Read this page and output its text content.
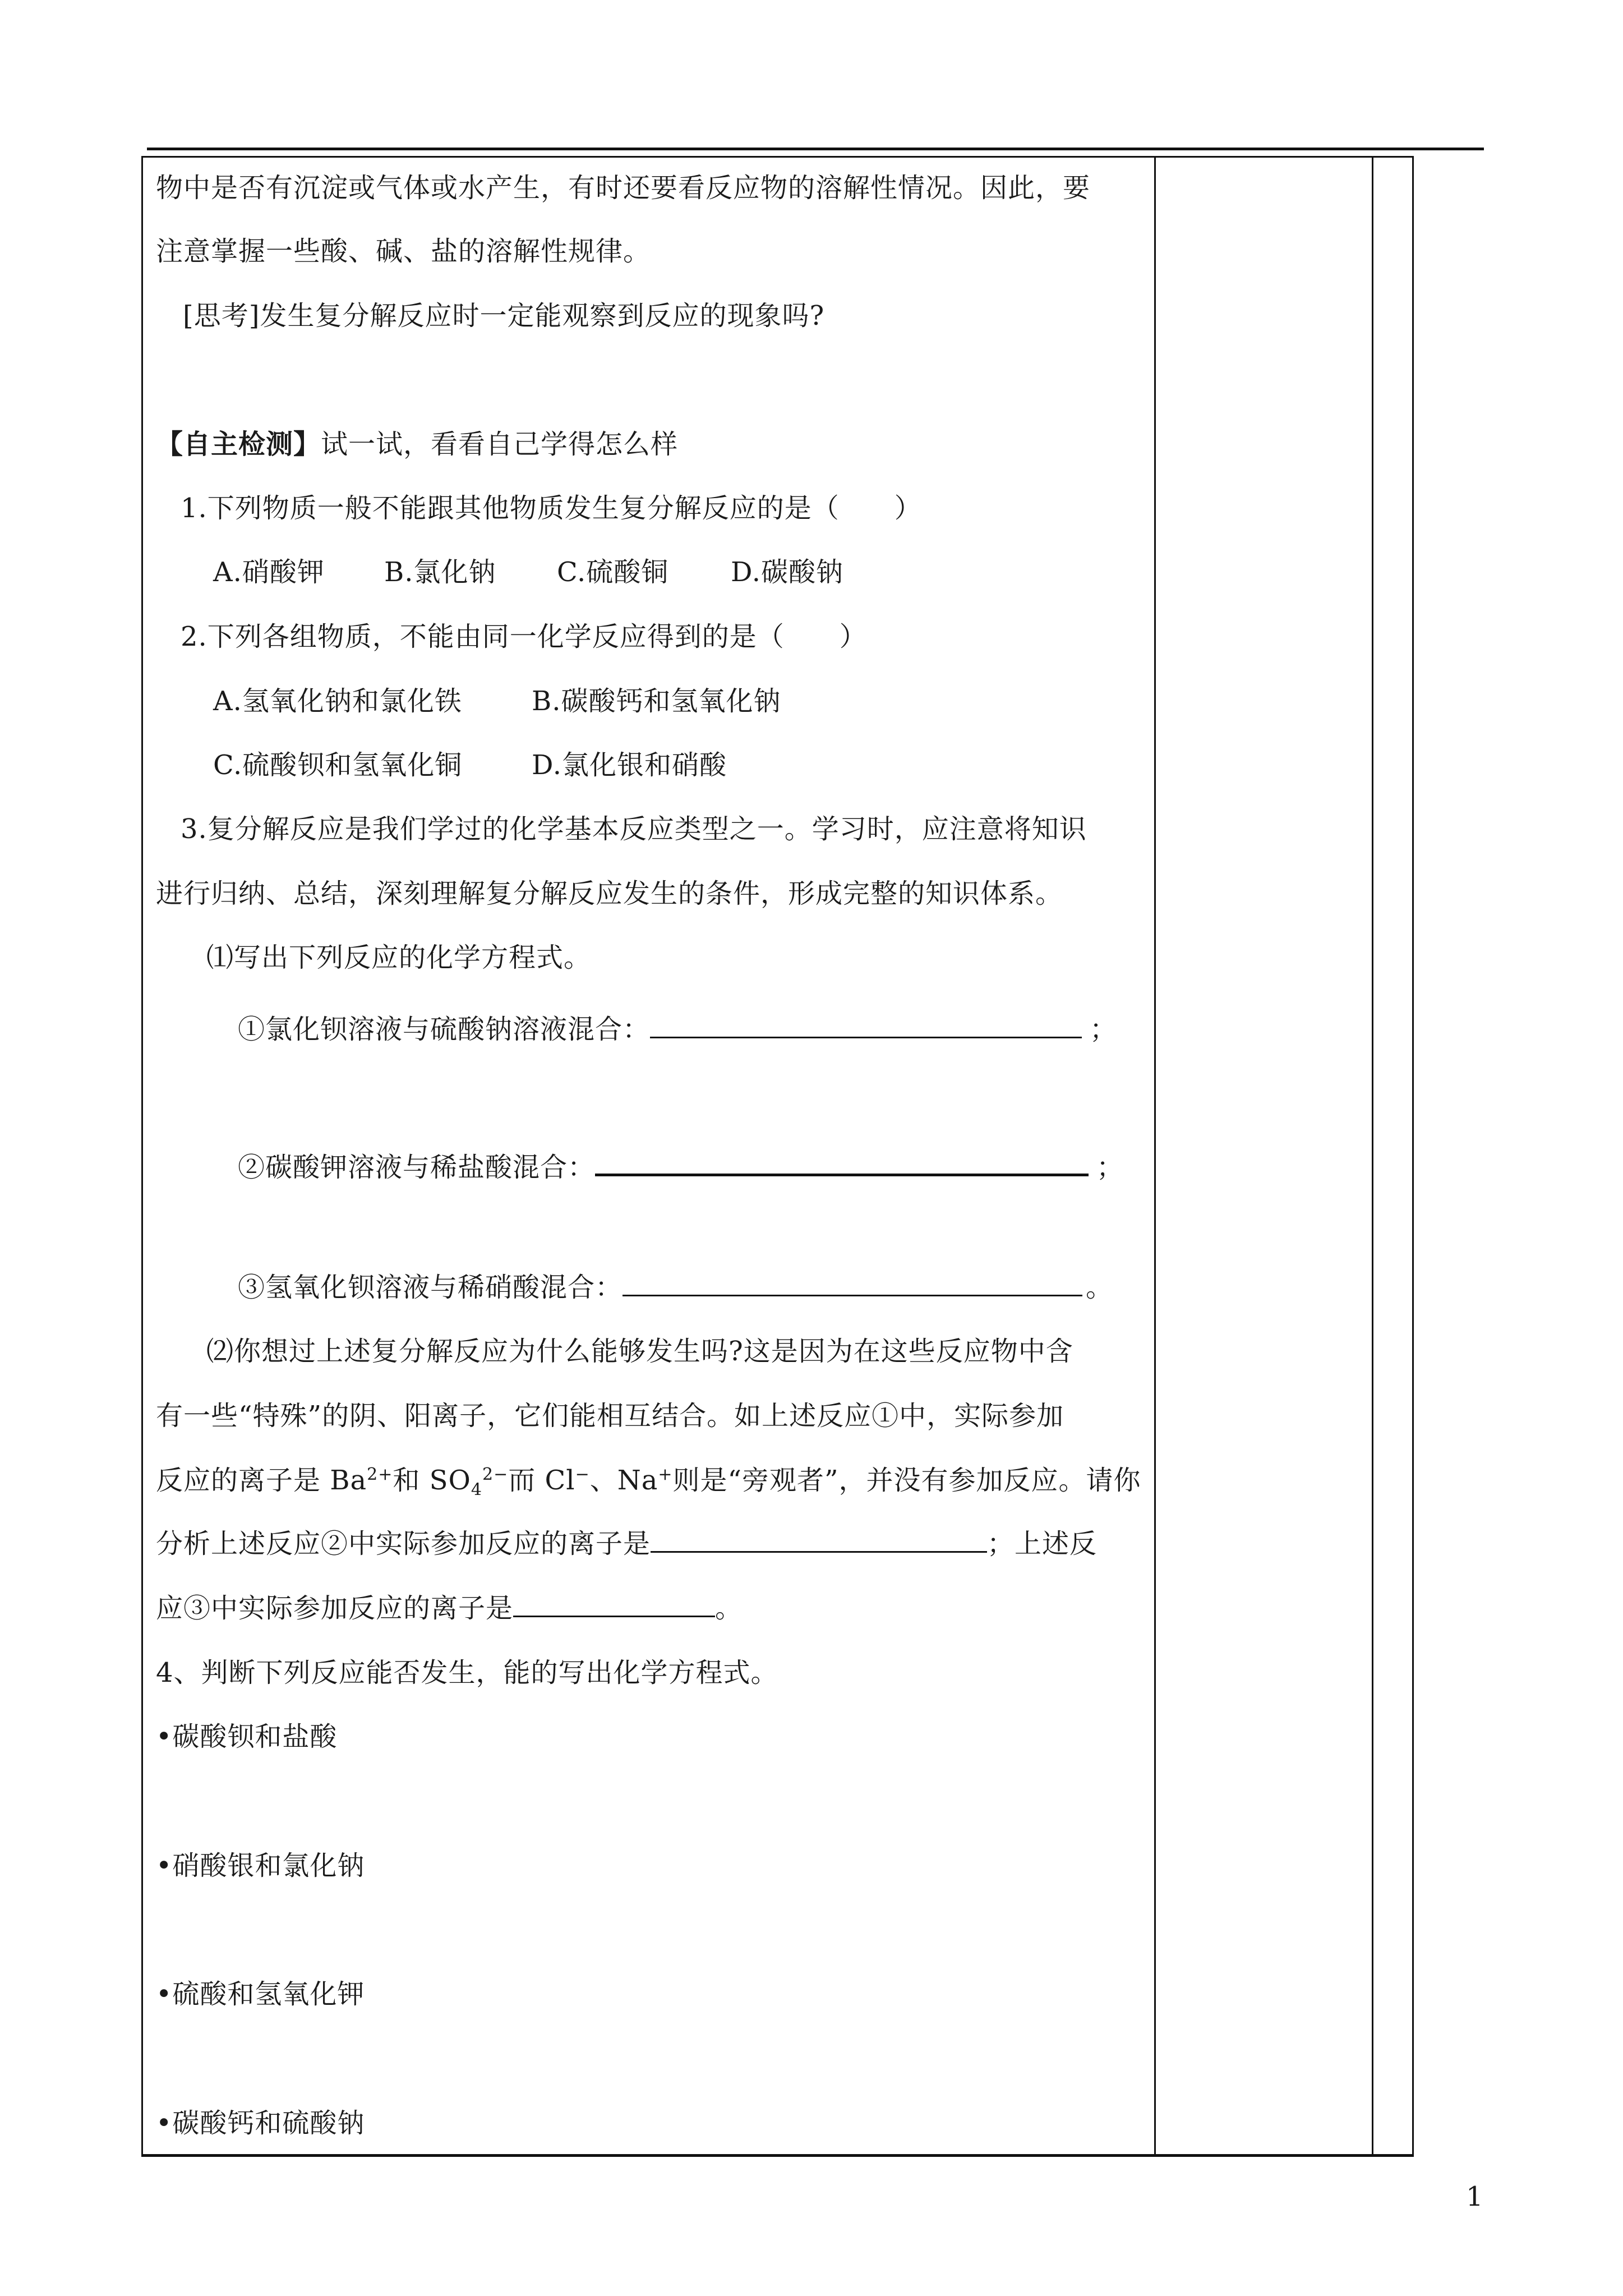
物中是否有沉淀或气体或水产生，有时还要看反应物的溶解性情况。因此，要
注意掌握一些酸、碱、盐的溶解性规律。
[思考]发生复分解反应时一定能观察到反应的现象吗?
【自主检测】试一试，看看自己学得怎么样
1.下列物质一般不能跟其他物质发生复分解反应的是（　　）
A.硝酸钾 B.氯化钠 C.硫酸铜 D.碳酸钠
2.下列各组物质，不能由同一化学反应得到的是（　　）
A.氢氧化钠和氯化铁	B.碳酸钙和氢氧化钠
C.硫酸钡和氢氧化铜	D.氯化银和硝酸
3.复分解反应是我们学过的化学基本反应类型之一。学习时，应注意将知识
进行归纳、总结，深刻理解复分解反应发生的条件，形成完整的知识体系。
⑴写出下列反应的化学方程式。
①氯化钡溶液与硫酸钠溶液混合：	；
②碳酸钾溶液与稀盐酸混合：	；
③氢氧化钡溶液与稀硝酸混合：	。
⑵你想过上述复分解反应为什么能够发生吗?这是因为在这些反应物中含
有一些“特殊”的阴、阳离子，它们能相互结合。如上述反应①中，实际参加
反应的离子是 $Ba^{2+}$和 $SO_4^{2-}$而 Cl−、Na+则是“旁观者”，并没有参加反应。请你
分析上述反应②中实际参加反应的离子是	；上述反
应③中实际参加反应的离子是	。
4、判断下列反应能否发生，能的写出化学方程式。
•碳酸钡和盐酸
•硝酸银和氯化钠
•硫酸和氢氧化钾
•碳酸钙和硫酸钠
1
